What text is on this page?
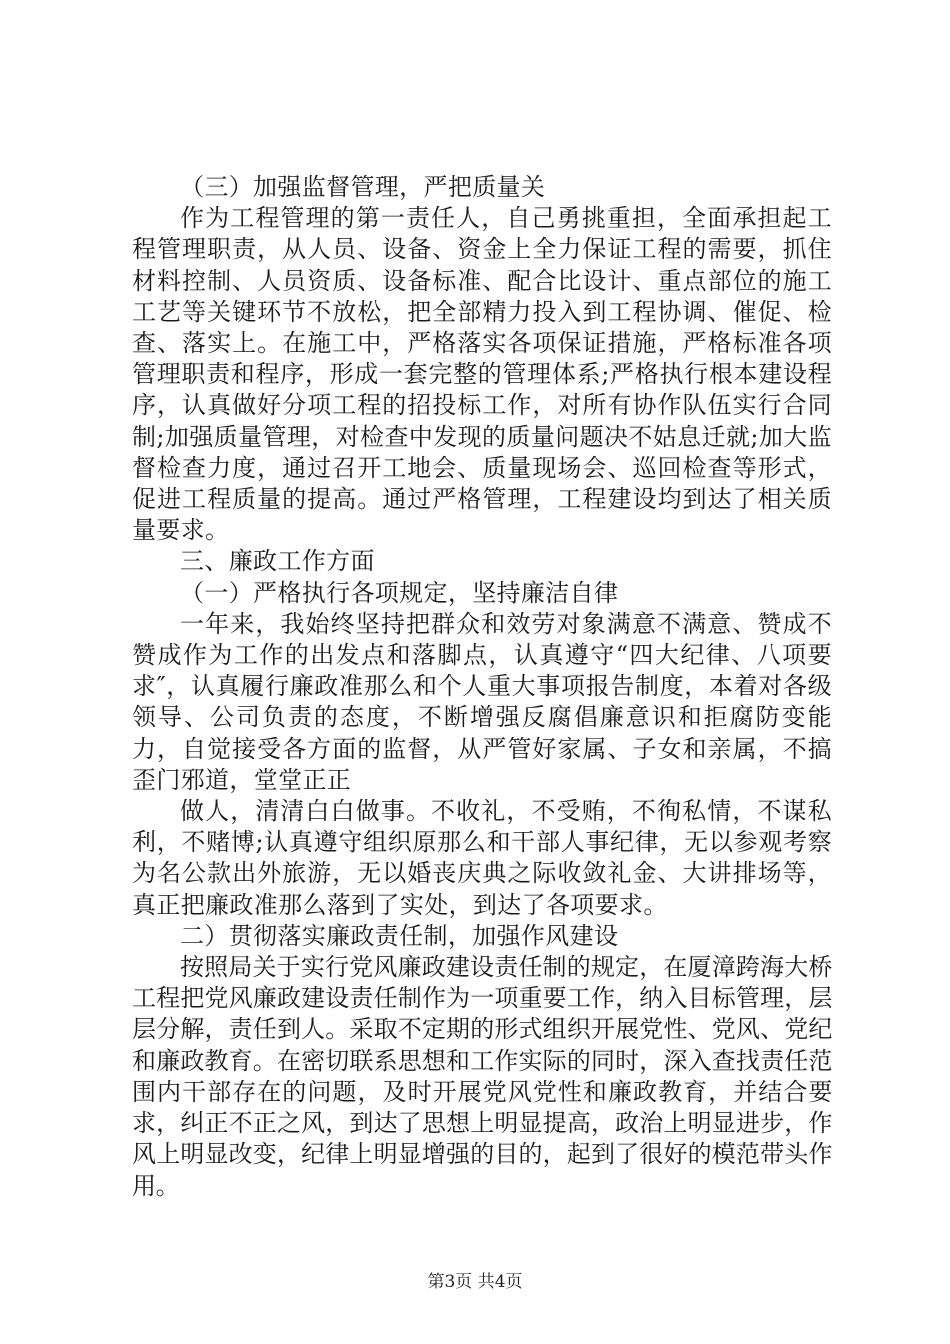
（三）加强监督管理，严把质量关

作为工程管理的第一责任人，自己勇挑重担，全面承担起工程管理职责，从人员、设备、资金上全力保证工程的需要，抓住材料控制、人员资质、设备标准、配合比设计、重点部位的施工工艺等关键环节不放松，把全部精力投入到工程协调、催促、检查、落实上。在施工中，严格落实各项保证措施，严格标准各项管理职责和程序，形成一套完整的管理体系;严格执行根本建设程序，认真做好分项工程的招投标工作，对所有协作队伍实行合同制;加强质量管理，对检查中发现的质量问题决不姑息迁就;加大监督检查力度，通过召开工地会、质量现场会、巡回检查等形式，促进工程质量的提高。通过严格管理，工程建设均到达了相关质量要求。

三、廉政工作方面

（一）严格执行各项规定，坚持廉洁自律

一年来，我始终坚持把群众和效劳对象满意不满意、赞成不赞成作为工作的出发点和落脚点，认真遵守“四大纪律、八项要求″，认真履行廉政准那么和个人重大事项报告制度，本着对各级领导、公司负责的态度，不断增强反腐倡廉意识和拒腐防变能力，自觉接受各方面的监督，从严管好家属、子女和亲属，不搞歪门邪道，堂堂正正

做人，清清白白做事。不收礼，不受贿，不徇私情，不谋私利，不赌博;认真遵守组织原那么和干部人事纪律，无以参观考察为名公款出外旅游，无以婚丧庆典之际收敛礼金、大讲排场等，真正把廉政准那么落到了实处，到达了各项要求。

二）贯彻落实廉政责任制，加强作风建设

按照局关于实行党风廉政建设责任制的规定，在厦漳跨海大桥工程把党风廉政建设责任制作为一项重要工作，纳入目标管理，层层分解，责任到人。采取不定期的形式组织开展党性、党风、党纪和廉政教育。在密切联系思想和工作实际的同时，深入查找责任范围内干部存在的问题，及时开展党风党性和廉政教育，并结合要求，纠正不正之风，到达了思想上明显提高，政治上明显进步，作风上明显改变，纪律上明显增强的目的，起到了很好的模范带头作用。

第3页 共4页
